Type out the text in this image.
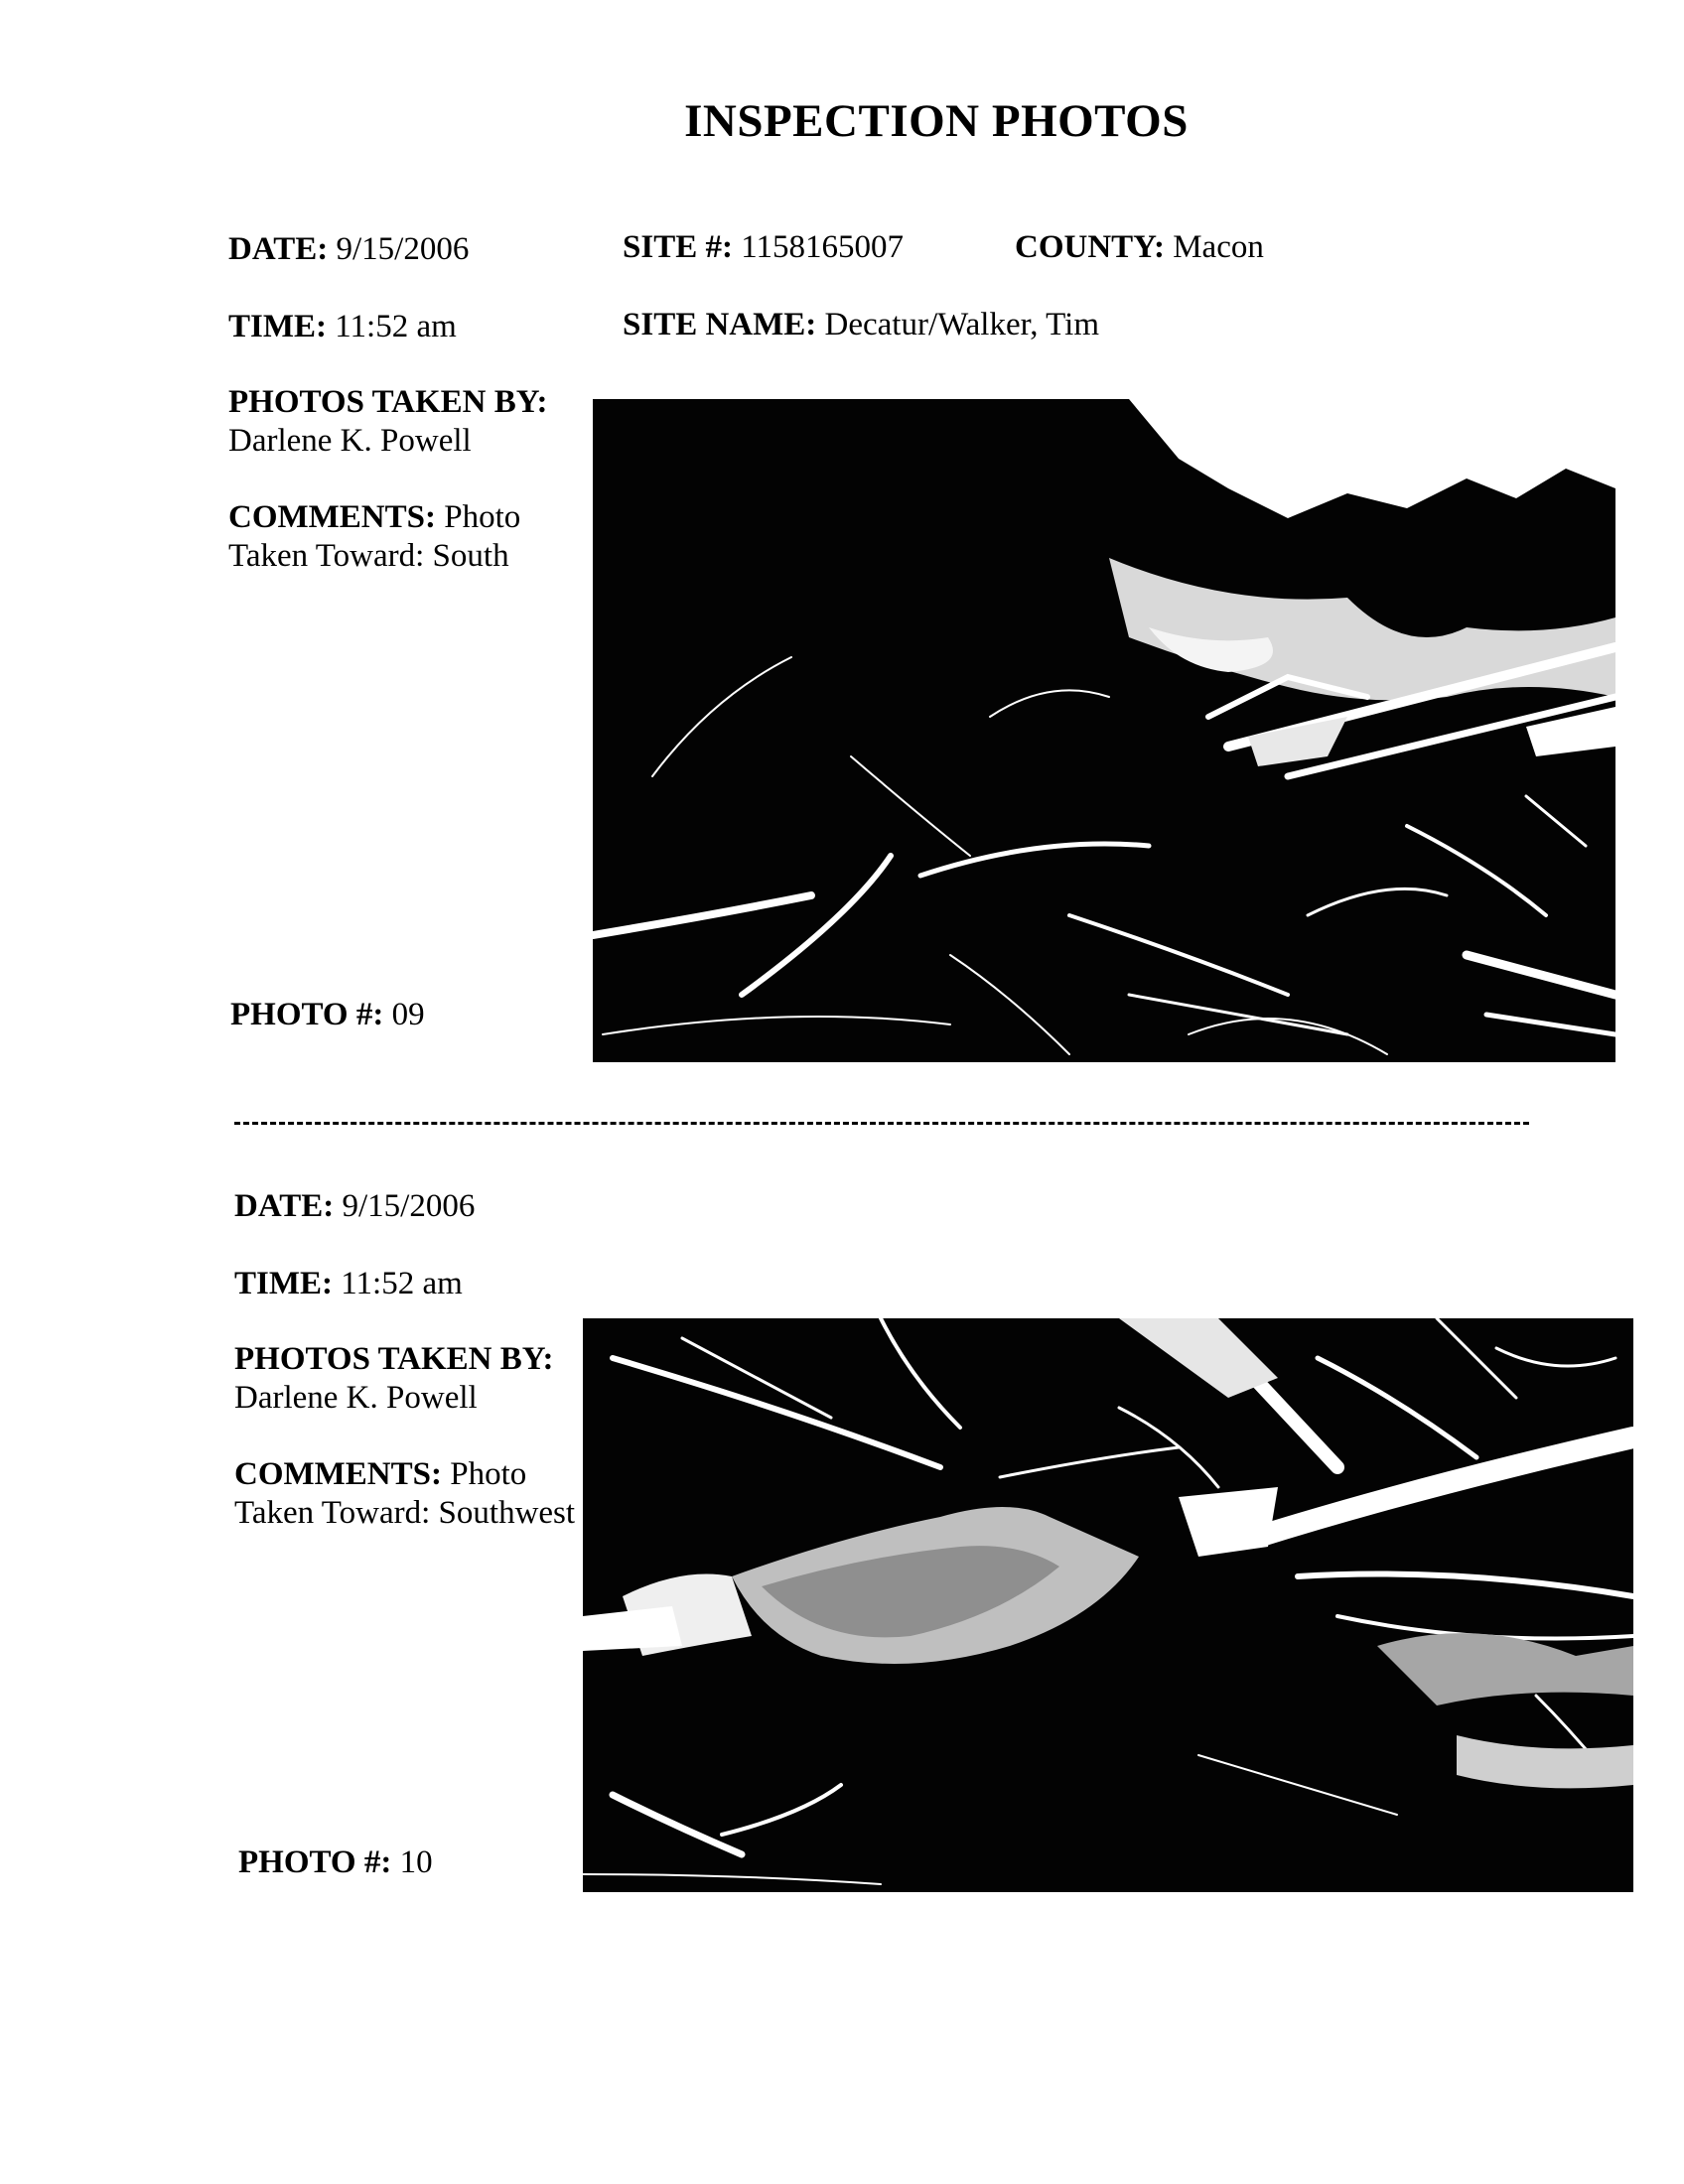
INSPECTION PHOTOS
DATE: 9/15/2006	SITE #: 1158165007	COUNTY: Macon
TIME: 11:52 am	SITE NAME: Decatur/Walker, Tim
PHOTOS TAKEN BY:
Darlene K. Powell
COMMENTS: Photo
Taken Toward: South
PHOTO #: 09
DATE: 9/15/2006
TIME: 11:52 am
PHOTOS TAKEN BY:
Darlene K. Powell
COMMENTS: Photo
Taken Toward: Southwest
PHOTO #: 10
